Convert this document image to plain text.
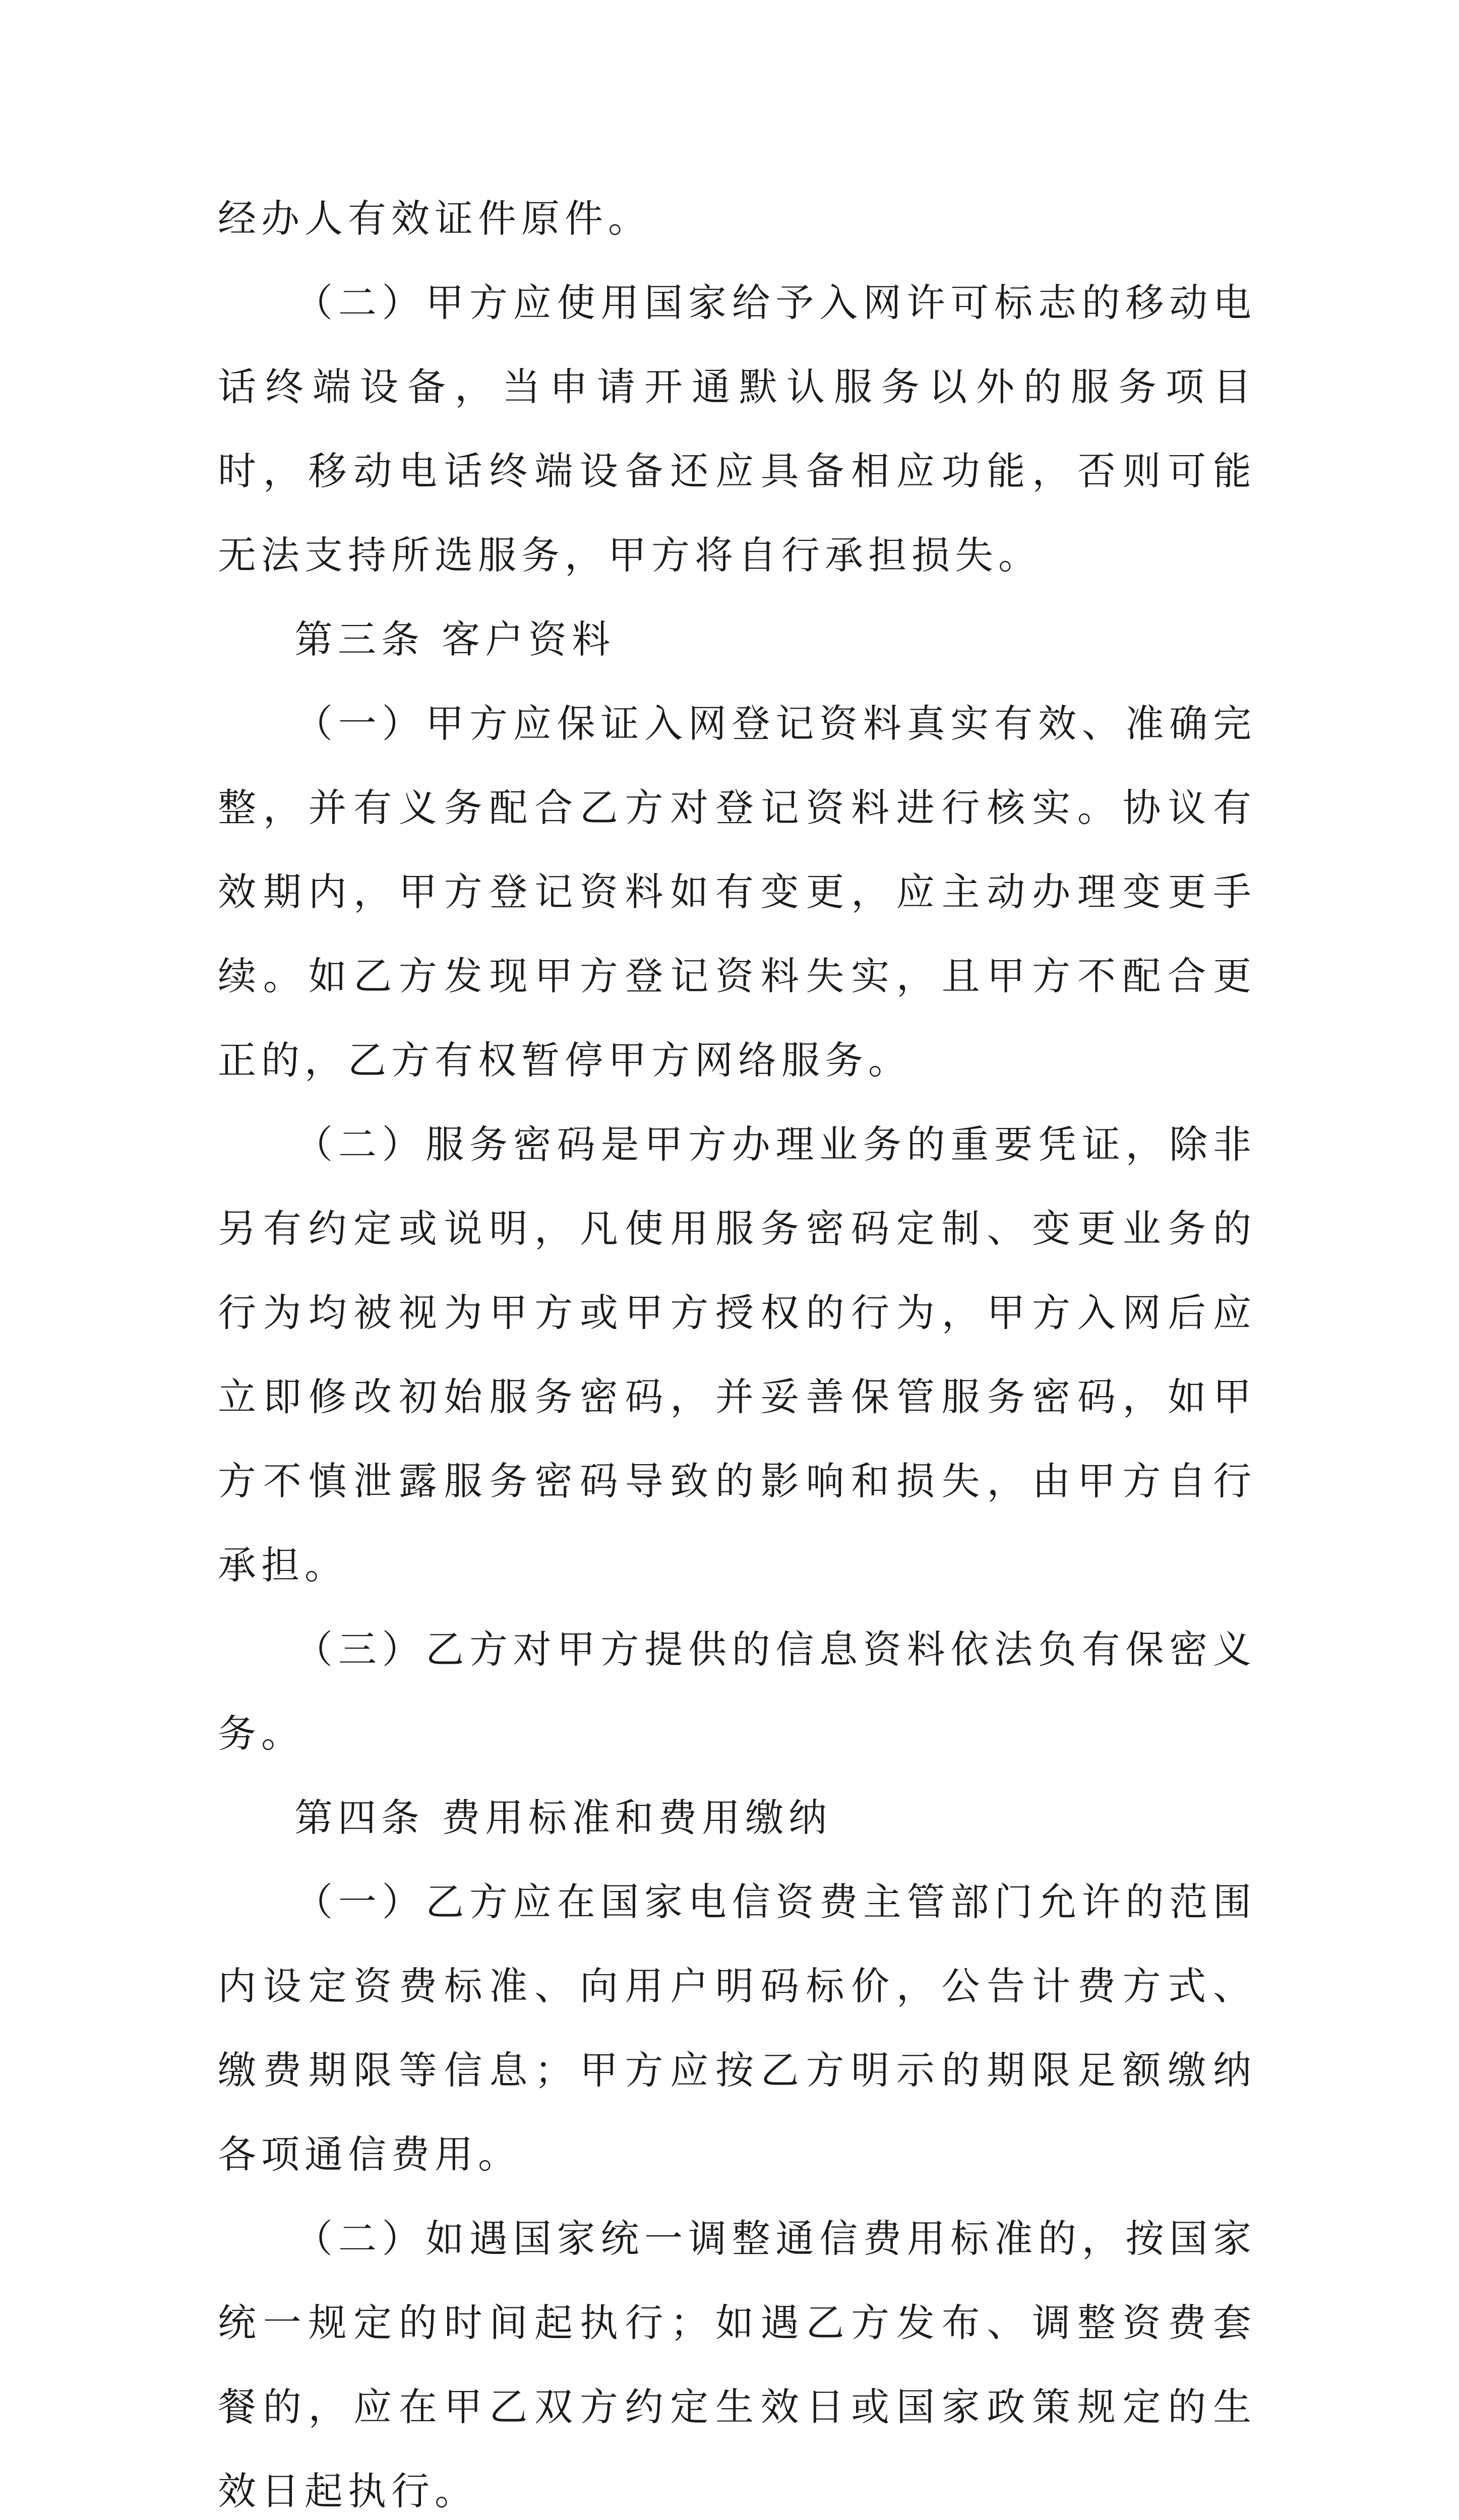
经办人有效证件原件。

（二）甲方应使用国家给予入网许可标志的移动电话终端设备，当申请开通默认服务以外的服务项目时，移动电话终端设备还应具备相应功能，否则可能无法支持所选服务，甲方将自行承担损失。

第三条 客户资料

（一）甲方应保证入网登记资料真实有效、准确完整，并有义务配合乙方对登记资料进行核实。协议有效期内，甲方登记资料如有变更，应主动办理变更手续。如乙方发现甲方登记资料失实，且甲方不配合更正的，乙方有权暂停甲方网络服务。

（二）服务密码是甲方办理业务的重要凭证，除非另有约定或说明，凡使用服务密码定制、变更业务的行为均被视为甲方或甲方授权的行为，甲方入网后应立即修改初始服务密码，并妥善保管服务密码，如甲方不慎泄露服务密码导致的影响和损失，由甲方自行承担。

（三）乙方对甲方提供的信息资料依法负有保密义务。

第四条 费用标准和费用缴纳

（一）乙方应在国家电信资费主管部门允许的范围内设定资费标准、向用户明码标价，公告计费方式、缴费期限等信息；甲方应按乙方明示的期限足额缴纳各项通信费用。

（二）如遇国家统一调整通信费用标准的，按国家统一规定的时间起执行；如遇乙方发布、调整资费套餐的，应在甲乙双方约定生效日或国家政策规定的生效日起执行。
